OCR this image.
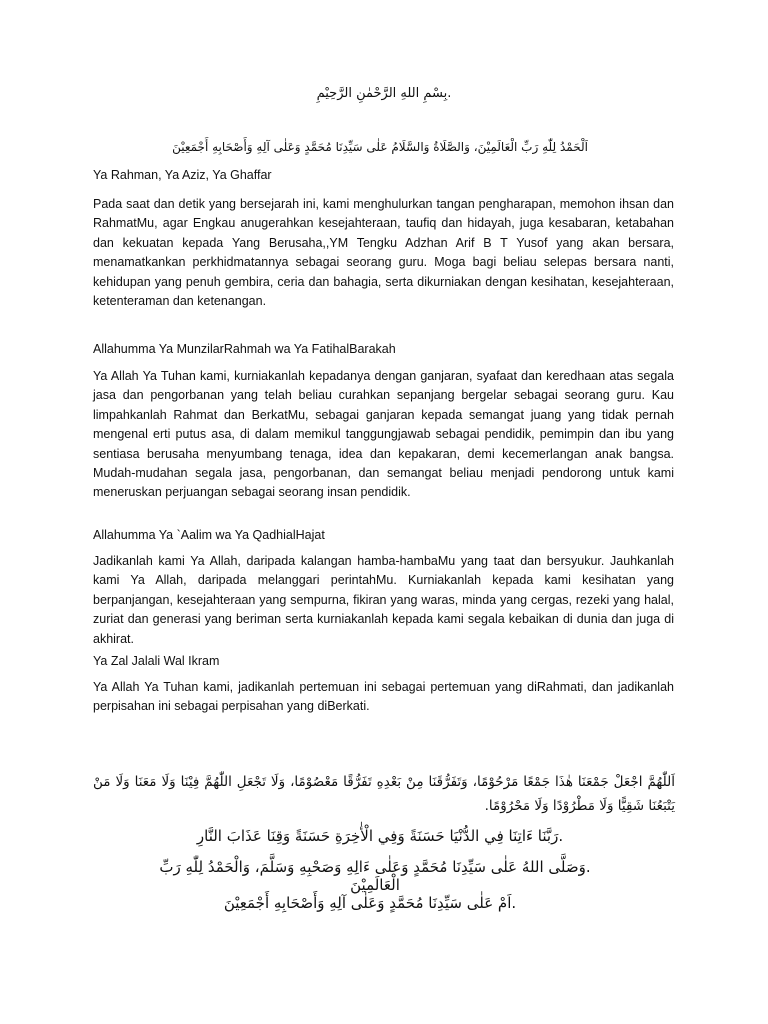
.بِسْمِ اللهِ الرَّحْمٰنِ الرَّحِيْمِ

اَلْحَمْدُ لِلّٰهِ رَبِّ الْعَالَمِيْنَ، وَالصَّلَاةُ وَالسَّلَامُ عَلٰى سَيِّدِنَا مُحَمَّدٍ وَعَلٰى آلِهِ وَأَصْحَابِهِ أَجْمَعِيْنَ

Ya Rahman, Ya Aziz, Ya Ghaffar

Pada saat dan detik yang bersejarah ini, kami menghulurkan tangan pengharapan, memohon ihsan dan RahmatMu, agar Engkau anugerahkan kesejahteraan, taufiq dan hidayah, juga kesabaran, ketabahan dan kekuatan kepada Yang Berusaha,,YM Tengku Adzhan Arif B T Yusof yang akan bersara, menamatkankan perkhidmatannya sebagai seorang guru. Moga bagi beliau selepas bersara nanti, kehidupan yang penuh gembira, ceria dan bahagia, serta dikurniakan dengan kesihatan, kesejahteraan, ketenteraman dan ketenangan.

Allahumma Ya MunzilarRahmah wa Ya FatihalBarakah

Ya Allah Ya Tuhan kami, kurniakanlah kepadanya dengan ganjaran, syafaat dan keredhaan atas segala jasa dan pengorbanan yang telah beliau curahkan sepanjang bergelar sebagai seorang guru. Kau limpahkanlah Rahmat dan BerkatMu, sebagai ganjaran kepada semangat juang yang tidak pernah mengenal erti putus asa, di dalam memikul tanggungjawab sebagai pendidik, pemimpin dan ibu yang sentiasa berusaha menyumbang tenaga, idea dan kepakaran, demi kecemerlangan anak bangsa. Mudah-mudahan segala jasa, pengorbanan, dan semangat beliau menjadi pendorong untuk kami meneruskan perjuangan sebagai seorang insan pendidik.

Allahumma Ya `Aalim wa Ya QadhialHajat

Jadikanlah kami Ya Allah, daripada kalangan hamba-hambaMu yang taat dan bersyukur. Jauhkanlah kami Ya Allah, daripada melanggari perintahMu. Kurniakanlah kepada kami kesihatan yang berpanjangan, kesejahteraan yang sempurna, fikiran yang waras, minda yang cergas, rezeki yang halal, zuriat dan generasi yang beriman serta kurniakanlah kepada kami segala kebaikan di dunia dan juga di akhirat.

Ya Zal Jalali Wal Ikram

Ya Allah Ya Tuhan kami, jadikanlah pertemuan ini sebagai pertemuan yang diRahmati, dan jadikanlah perpisahan ini sebagai perpisahan yang diBerkati.

اَللّٰهُمَّ اجْعَلْ جَمْعَنَا هٰذَا جَمْعًا مَرْحُوْمًا، وَتَفَرُّقَنَا مِنْ بَعْدِهِ تَفَرُّقًا مَعْصُوْمًا، وَلَا تَجْعَلِ اللّٰهُمَّ فِيْنَا وَلَا مَعَنَا وَلَا مَنْ يَتْبَعُنَا شَقِيًّا وَلَا مَطْرُوْدًا وَلَا مَحْرُوْمًا.

.رَبَّنَا ءَاتِنَا فِي الدُّنْيَا حَسَنَةً وَفِي الْأٰخِرَةِ حَسَنَةً وَقِنَا عَذَابَ النَّارِ

.وَصَلَّى اللهُ عَلٰى سَيِّدِنَا مُحَمَّدٍ وَعَلٰى ءَالِهِ وَصَحْبِهِ وَسَلَّمَ، وَالْحَمْدُ لِلّٰهِ رَبِّ الْعَالَمِيْنَ

.اَمْ عَلٰى سَيِّدِنَا مُحَمَّدٍ وَعَلٰى آلِهِ وَأَصْحَابِهِ أَجْمَعِيْنَ
